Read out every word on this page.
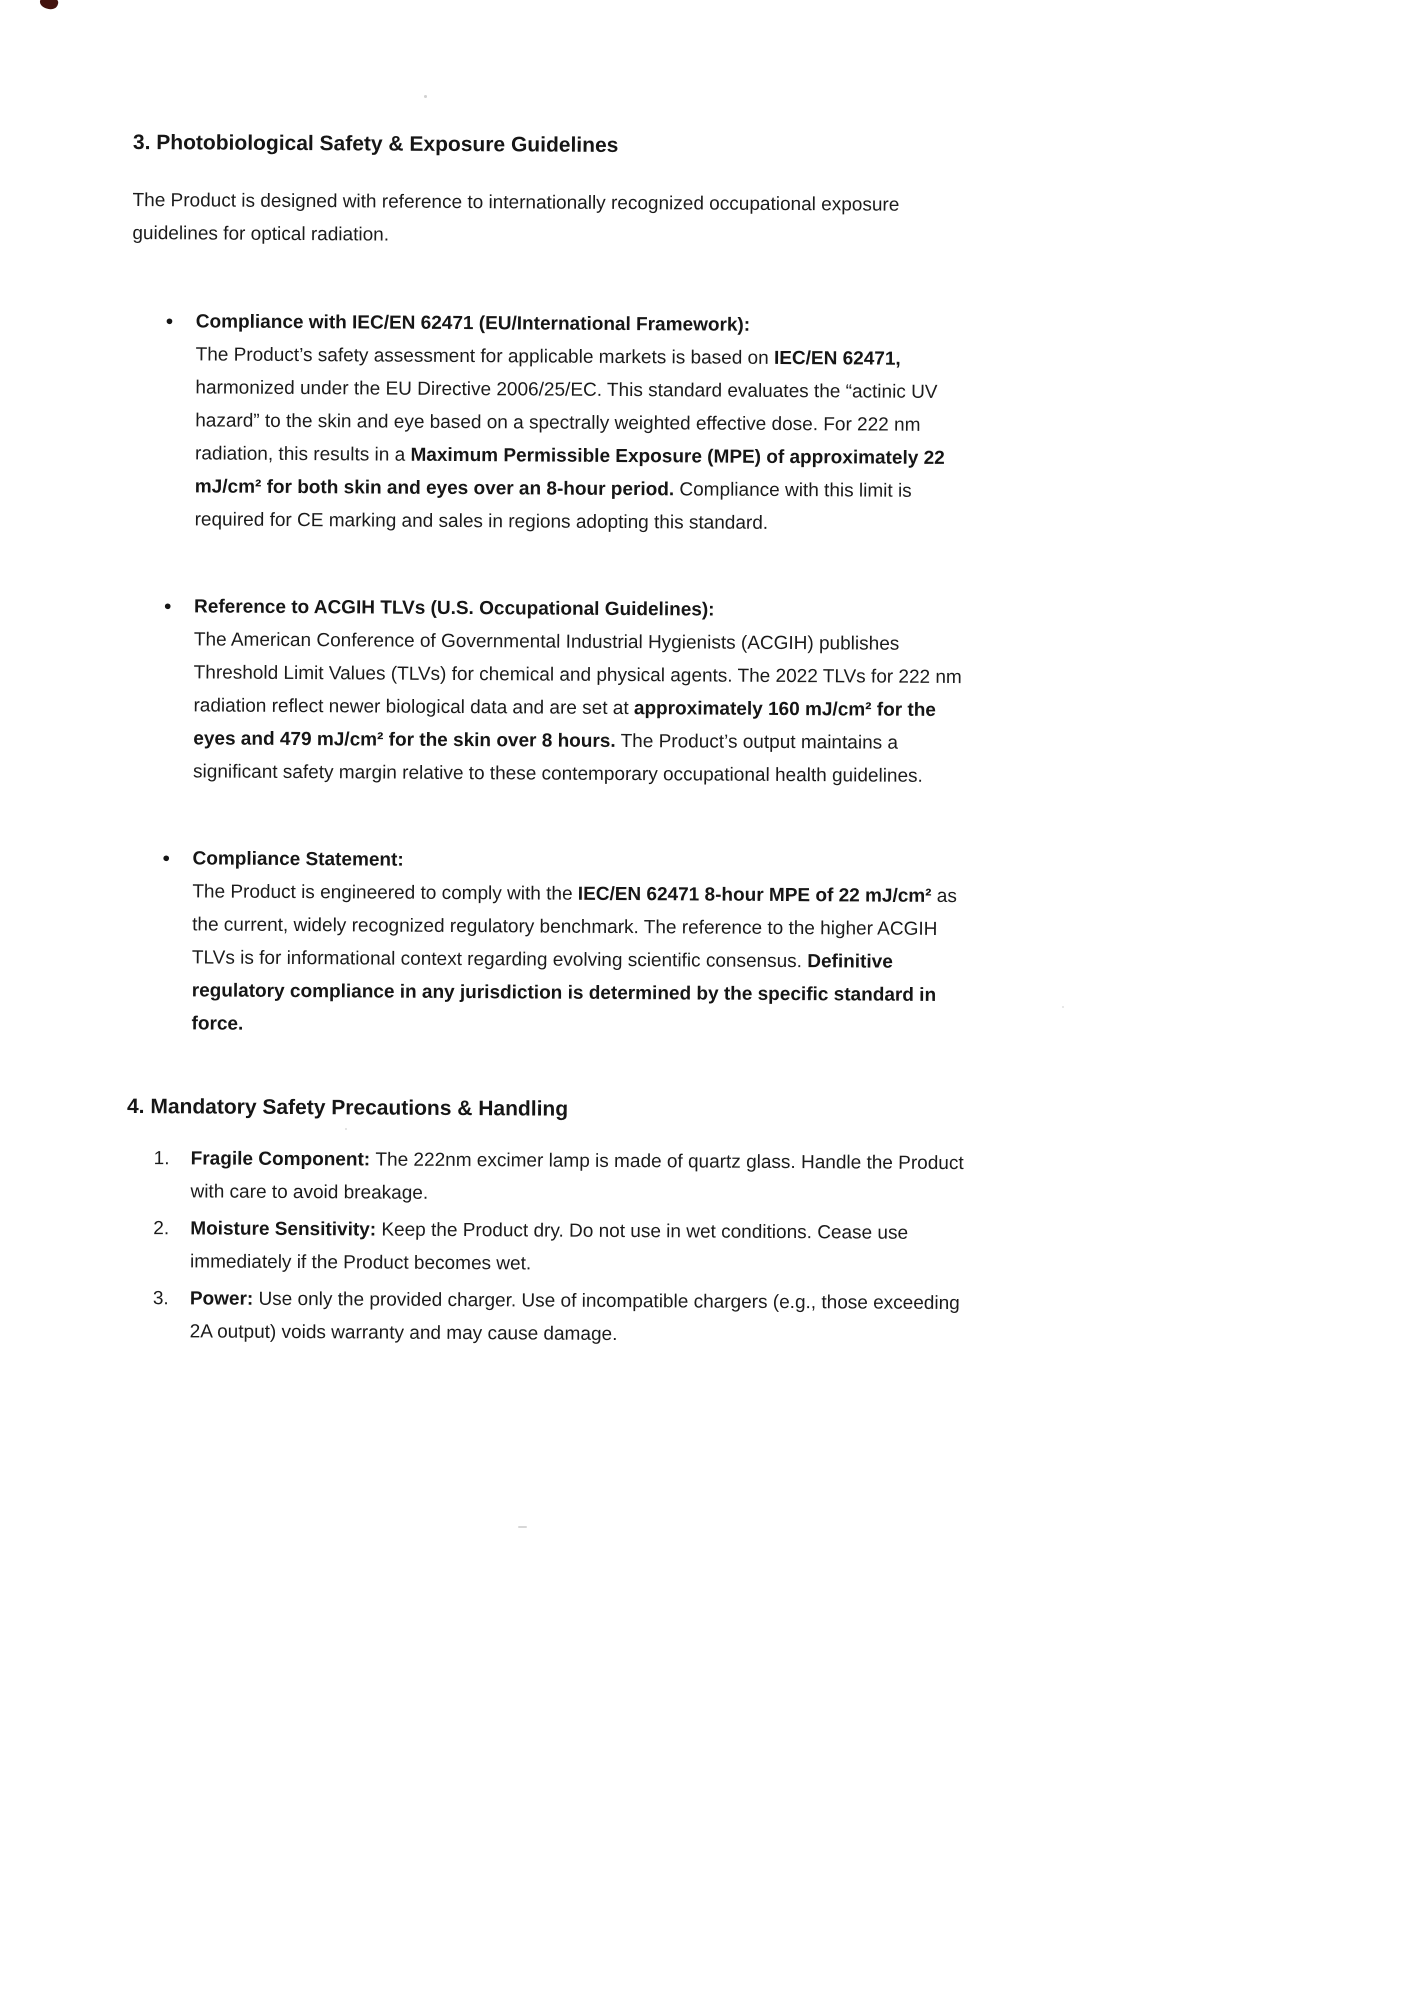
3. Photobiological Safety & Exposure Guidelines

The Product is designed with reference to internationally recognized occupational exposure guidelines for optical radiation.

• Compliance with IEC/EN 62471 (EU/International Framework):
The Product’s safety assessment for applicable markets is based on IEC/EN 62471, harmonized under the EU Directive 2006/25/EC. This standard evaluates the “actinic UV hazard” to the skin and eye based on a spectrally weighted effective dose. For 222 nm radiation, this results in a Maximum Permissible Exposure (MPE) of approximately 22 mJ/cm² for both skin and eyes over an 8-hour period. Compliance with this limit is required for CE marking and sales in regions adopting this standard.
• Reference to ACGIH TLVs (U.S. Occupational Guidelines):
The American Conference of Governmental Industrial Hygienists (ACGIH) publishes Threshold Limit Values (TLVs) for chemical and physical agents. The 2022 TLVs for 222 nm radiation reflect newer biological data and are set at approximately 160 mJ/cm² for the eyes and 479 mJ/cm² for the skin over 8 hours. The Product’s output maintains a significant safety margin relative to these contemporary occupational health guidelines.
• Compliance Statement:
The Product is engineered to comply with the IEC/EN 62471 8-hour MPE of 22 mJ/cm² as the current, widely recognized regulatory benchmark. The reference to the higher ACGIH TLVs is for informational context regarding evolving scientific consensus. Definitive regulatory compliance in any jurisdiction is determined by the specific standard in force.
4. Mandatory Safety Precautions & Handling
1. Fragile Component: The 222nm excimer lamp is made of quartz glass. Handle the Product with care to avoid breakage.
2. Moisture Sensitivity: Keep the Product dry. Do not use in wet conditions. Cease use immediately if the Product becomes wet.
3. Power: Use only the provided charger. Use of incompatible chargers (e.g., those exceeding 2A output) voids warranty and may cause damage.
